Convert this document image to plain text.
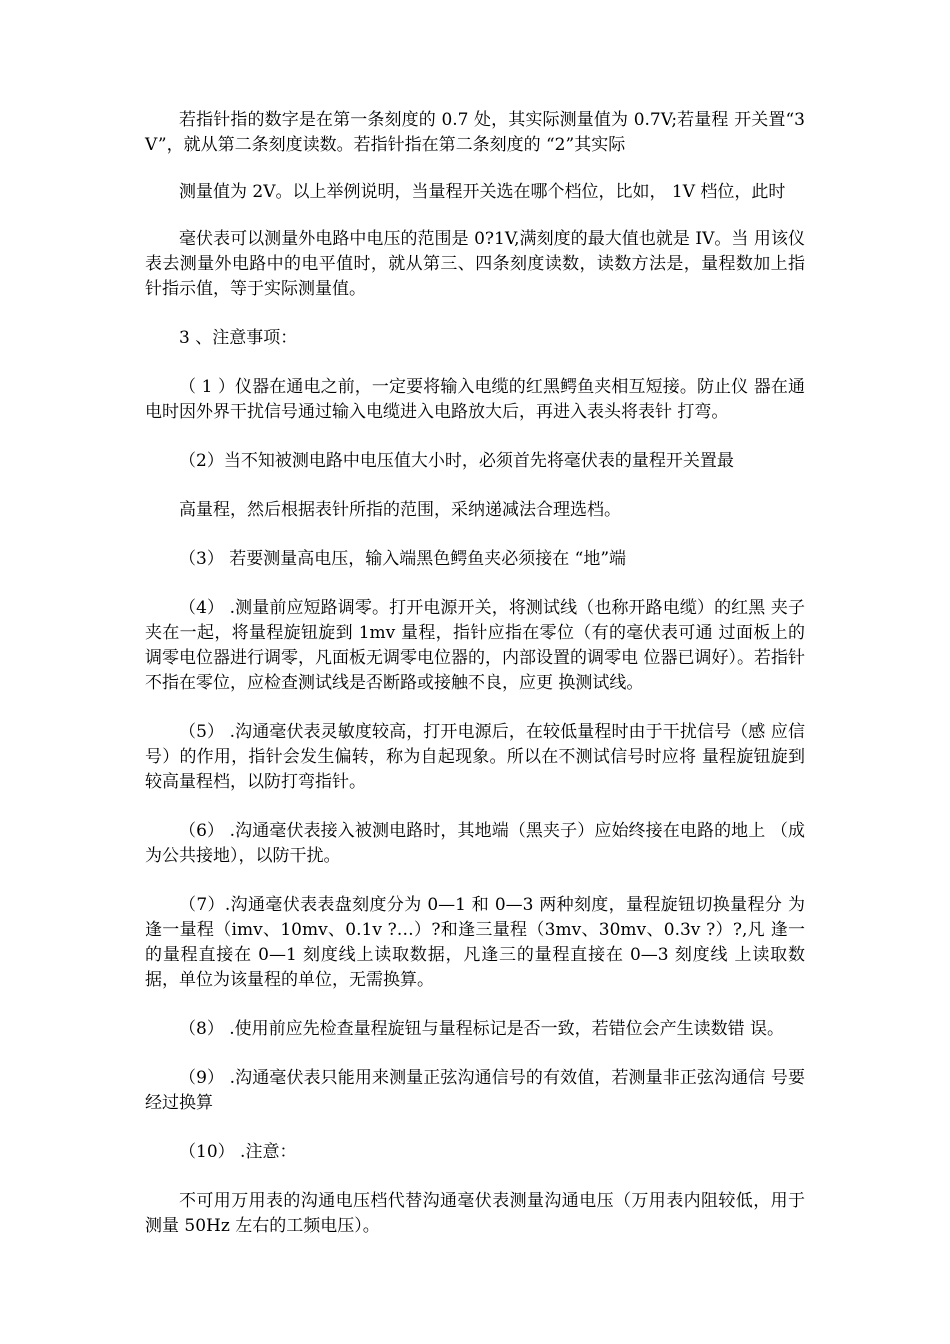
若指针指的数字是在第一条刻度的 0.7 处，其实际测量值为 0.7V;若量程 开关置“3V”，就从第二条刻度读数。若指针指在第二条刻度的 “2”其实际

测量值为 2V。以上举例说明，当量程开关选在哪个档位，比如， 1V 档位，此时

毫伏表可以测量外电路中电压的范围是 0?1V,满刻度的最大值也就是 IV。当 用该仪表去测量外电路中的电平值时，就从第三、四条刻度读数，读数方法是，量程数加上指针指示值，等于实际测量值。

3 、注意事项：

（ 1 ）仪器在通电之前，一定要将输入电缆的红黑鳄鱼夹相互短接。防止仪 器在通电时因外界干扰信号通过输入电缆进入电路放大后，再进入表头将表针 打弯。

（2）当不知被测电路中电压值大小时，必须首先将毫伏表的量程开关置最

高量程，然后根据表针所指的范围，采纳递减法合理选档。

（3） 若要测量高电压，输入端黑色鳄鱼夹必须接在 “地”端

（4） .测量前应短路调零。打开电源开关，将测试线（也称开路电缆）的红黑 夹子夹在一起，将量程旋钮旋到 1mv 量程，指针应指在零位（有的毫伏表可通 过面板上的调零电位器进行调零，凡面板无调零电位器的，内部设置的调零电 位器已调好）。若指针不指在零位，应检查测试线是否断路或接触不良，应更 换测试线。

（5） .沟通毫伏表灵敏度较高，打开电源后，在较低量程时由于干扰信号（感 应信号）的作用，指针会发生偏转，称为自起现象。所以在不测试信号时应将 量程旋钮旋到较高量程档，以防打弯指针。

（6） .沟通毫伏表接入被测电路时，其地端（黑夹子）应始终接在电路的地上 （成为公共接地），以防干扰。

（7）.沟通毫伏表表盘刻度分为 0—1 和 0—3 两种刻度，量程旋钮切换量程分 为逢一量程（imv、10mv、0.1v ?…）?和逢三量程（3mv、30mv、0.3v ?）?,凡 逢一的量程直接在 0—1 刻度线上读取数据，凡逢三的量程直接在 0—3 刻度线 上读取数据，单位为该量程的单位，无需换算。

（8） .使用前应先检查量程旋钮与量程标记是否一致，若错位会产生读数错 误。

（9） .沟通毫伏表只能用来测量正弦沟通信号的有效值，若测量非正弦沟通信 号要经过换算

（10） .注意：

不可用万用表的沟通电压档代替沟通毫伏表测量沟通电压（万用表内阻较低，用于测量 50Hz 左右的工频电压）。
